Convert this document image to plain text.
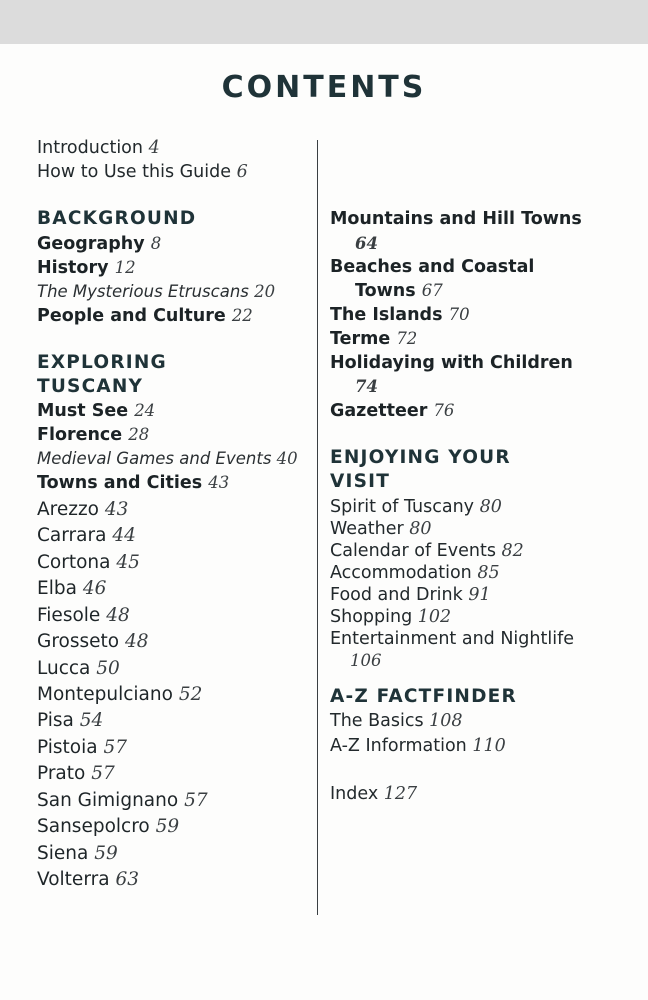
CONTENTS
Introduction 4
How to Use this Guide 6
BACKGROUND
Geography 8
History 12
The Mysterious Etruscans 20
People and Culture 22
EXPLORING
TUSCANY
Must See 24
Florence 28
Medieval Games and Events 40
Towns and Cities 43
Arezzo 43
Carrara 44
Cortona 45
Elba 46
Fiesole 48
Grosseto 48
Lucca 50
Montepulciano 52
Pisa 54
Pistoia 57
Prato 57
San Gimignano 57
Sansepolcro 59
Siena 59
Volterra 63
Mountains and Hill Towns
64
Beaches and Coastal
Towns 67
The Islands 70
Terme 72
Holidaying with Children
74
Gazetteer 76
ENJOYING YOUR
VISIT
Spirit of Tuscany 80
Weather 80
Calendar of Events 82
Accommodation 85
Food and Drink 91
Shopping 102
Entertainment and Nightlife
106
A-Z FACTFINDER
The Basics 108
A-Z Information 110
Index 127
